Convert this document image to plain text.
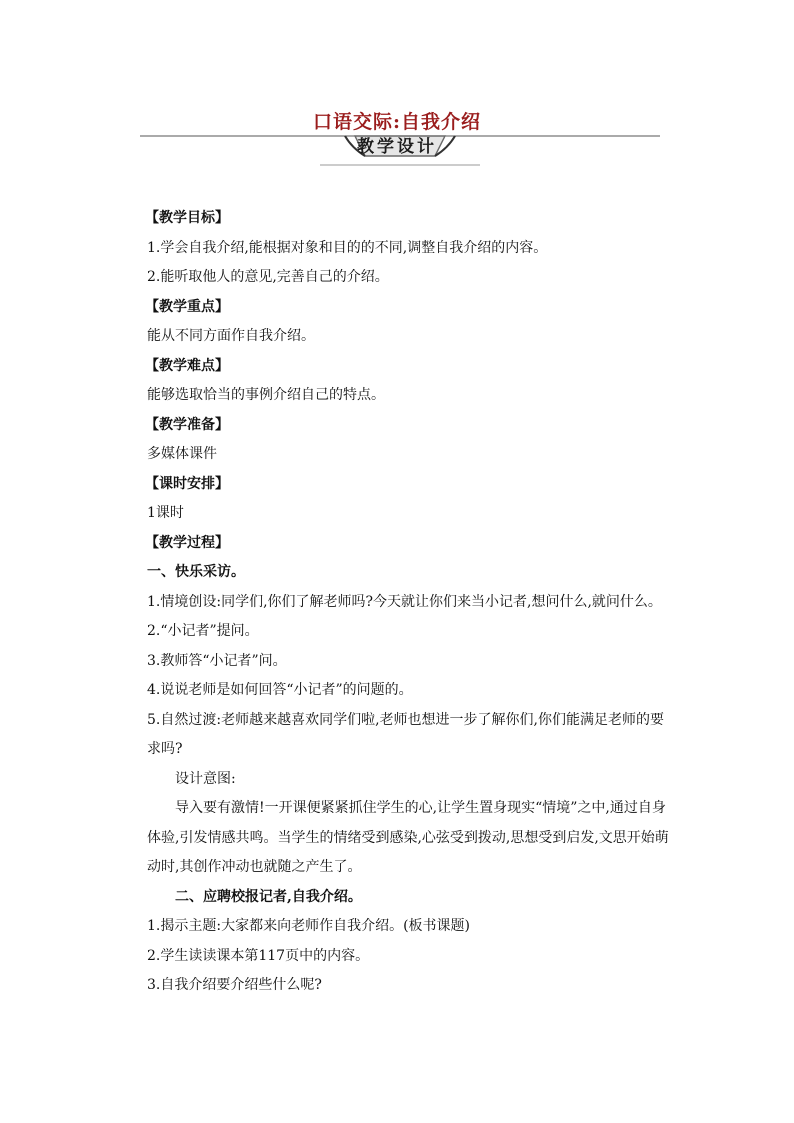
口语交际:自我介绍
教学设计

【教学目标】

1.学会自我介绍,能根据对象和目的的不同,调整自我介绍的内容。

2.能听取他人的意见,完善自己的介绍。

【教学重点】

能从不同方面作自我介绍。

【教学难点】

能够选取恰当的事例介绍自己的特点。

【教学准备】

多媒体课件

【课时安排】

1课时

【教学过程】

一、快乐采访。

1.情境创设:同学们,你们了解老师吗?今天就让你们来当小记者,想问什么,就问什么。

2.“小记者”提问。

3.教师答“小记者”问。

4.说说老师是如何回答“小记者”的问题的。

5.自然过渡:老师越来越喜欢同学们啦,老师也想进一步了解你们,你们能满足老师的要求吗?

设计意图:

导入要有激情!一开课便紧紧抓住学生的心,让学生置身现实“情境”之中,通过自身体验,引发情感共鸣。当学生的情绪受到感染,心弦受到拨动,思想受到启发,文思开始萌动时,其创作冲动也就随之产生了。

二、应聘校报记者,自我介绍。

1.揭示主题:大家都来向老师作自我介绍。(板书课题)

2.学生读读课本第117页中的内容。

3.自我介绍要介绍些什么呢?
